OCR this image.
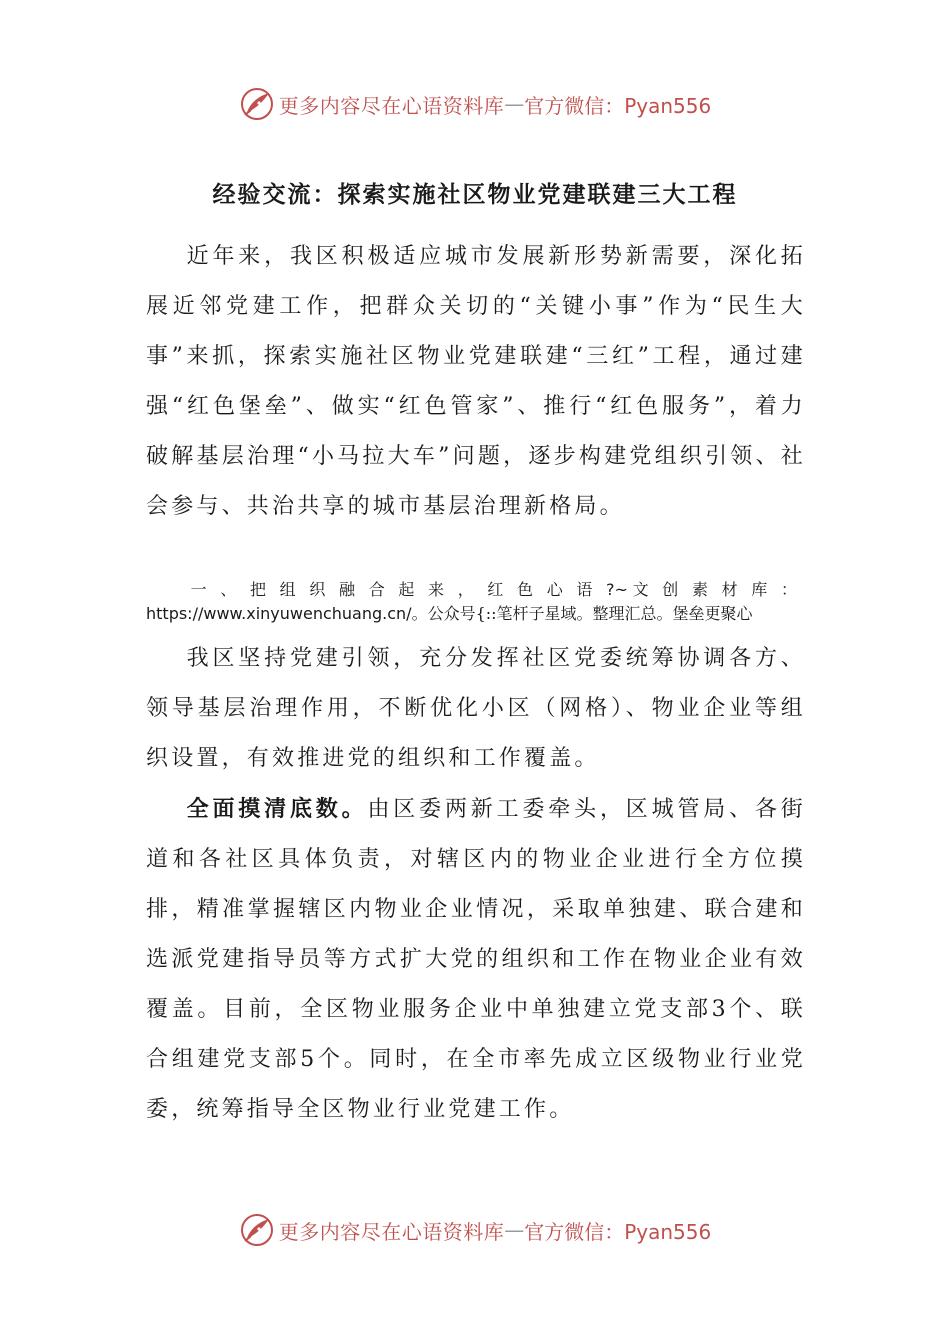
更多内容尽在心语资料库 — 官方微信：Pyan556
经验交流：探索实施社区物业党建联建三大工程

近年来，我区积极适应城市发展新形势新需要，深化拓展近邻党建工作，把群众关切的“关键小事”作为“民生大事”来抓，探索实施社区物业党建联建“三红”工程，通过建强“红色堡垒”、做实“红色管家”、推行“红色服务”，着力破解基层治理“小马拉大车”问题，逐步构建党组织引领、社会参与、共治共享的城市基层治理新格局。

一、把组织融合起来，红色心语?~文创素材库：https://www.xinyuwenchuang.cn/。公众号{::笔杆子星域。整理汇总。堡垒更聚心

我区坚持党建引领，充分发挥社区党委统筹协调各方、领导基层治理作用，不断优化小区（网格）、物业企业等组织设置，有效推进党的组织和工作覆盖。

全面摸清底数。由区委两新工委牵头，区城管局、各街道和各社区具体负责，对辖区内的物业企业进行全方位摸排，精准掌握辖区内物业企业情况，采取单独建、联合建和选派党建指导员等方式扩大党的组织和工作在物业企业有效覆盖。目前，全区物业服务企业中单独建立党支部3个、联合组建党支部5个。同时，在全市率先成立区级物业行业党委，统筹指导全区物业行业党建工作。

更多内容尽在心语资料库 — 官方微信：Pyan556
